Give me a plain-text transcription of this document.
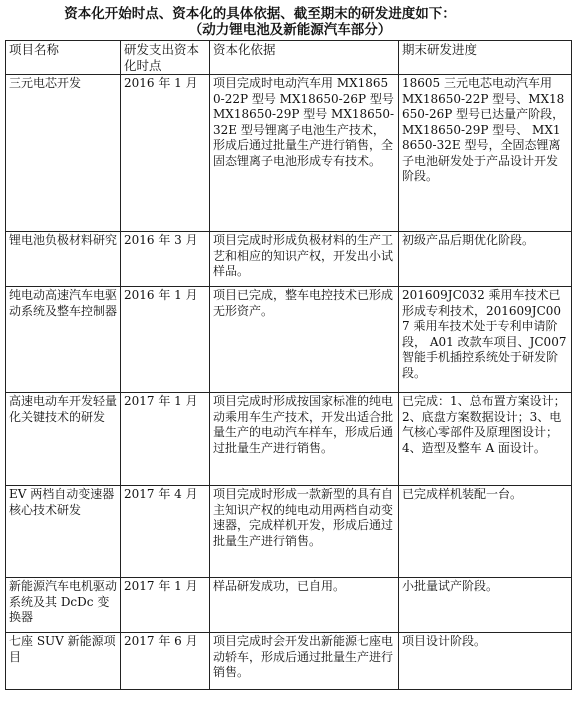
资本化开始时点、资本化的具体依据、截至期末的研发进度如下：
（动力锂电池及新能源汽车部分）
项目名称	研发支出资本化时点	资本化依据	期末研发进度
三元电芯开发	2016 年 1 月	项目完成时电动汽车用 MX18650-22P 型号 MX18650-26P 型号 MX18650-29P 型号 MX18650-32E 型号锂离子电池生产技术，形成后通过批量生产进行销售，全固态锂离子电池形成专有技术。	18605 三元电芯电动汽车用 MX18650-22P 型号、MX18650-26P 型号已达量产阶段， MX18650-29P 型号、 MX18650-32E 型号，全固态锂离子电池研发处于产品设计开发阶段。
锂电池负极材料研究	2016 年 3 月	项目完成时形成负极材料的生产工艺和相应的知识产权，开发出小试样品。	初级产品后期优化阶段。
纯电动高速汽车电驱动系统及整车控制器	2016 年 1 月	项目已完成，整车电控技术已形成无形资产。	201609JC032 乘用车技术已形成专利技术，201609JC007 乘用车技术处于专利申请阶段， A01 改款车项目、JC007 智能手机插控系统处于研发阶段。
高速电动车开发轻量化关键技术的研发	2017 年 1 月	项目完成时形成按国家标准的纯电动乘用车生产技术，开发出适合批量生产的电动汽车样车，形成后通过批量生产进行销售。	已完成：1、总布置方案设计；2、底盘方案数据设计；3、电气核心零部件及原理图设计；4、造型及整车 A 面设计。
EV 两档自动变速器核心技术研发	2017 年 4 月	项目完成时形成一款新型的具有自主知识产权的纯电动用两档自动变速器，完成样机开发，形成后通过批量生产进行销售。	已完成样机装配一台。
新能源汽车电机驱动系统及其 DcDc 变换器	2017 年 1 月	样品研发成功，已自用。	小批量试产阶段。
七座 SUV 新能源项目	2017 年 6 月	项目完成时会开发出新能源七座电动轿车，形成后通过批量生产进行销售。	项目设计阶段。
